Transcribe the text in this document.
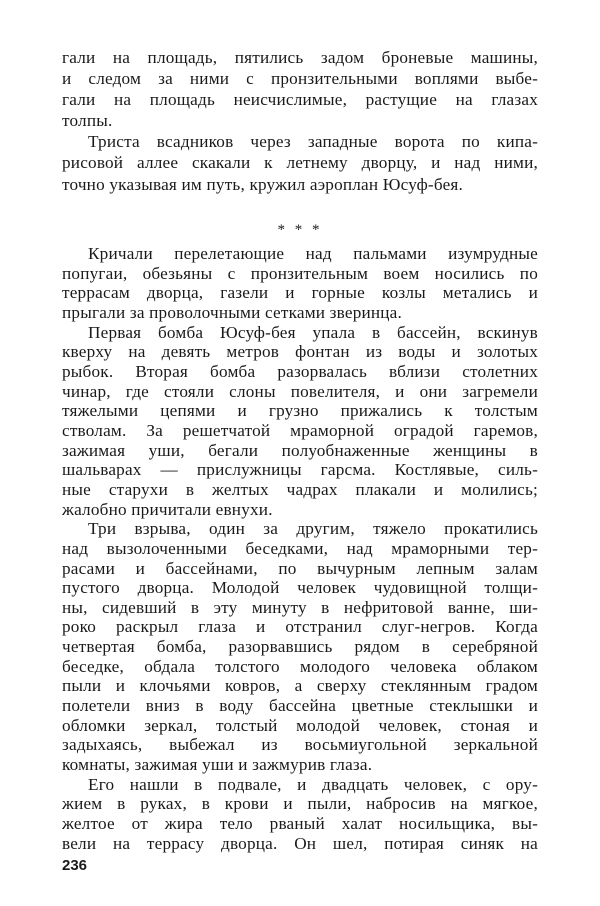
гали на площадь, пятились задом броневые машины,
и следом за ними с пронзительными воплями выбе-
гали на площадь неисчислимые, растущие на глазах
толпы.
Триста всадников через западные ворота по кипа-
рисовой аллее скакали к летнему дворцу, и над ними,
точно указывая им путь, кружил аэроплан Юсуф-бея.
* * *
Кричали перелетающие над пальмами изумрудные
попугаи, обезьяны с пронзительным воем носились по
террасам дворца, газели и горные козлы метались и
прыгали за проволочными сетками зверинца.
Первая бомба Юсуф-бея упала в бассейн, вскинув
кверху на девять метров фонтан из воды и золотых
рыбок. Вторая бомба разорвалась вблизи столетних
чинар, где стояли слоны повелителя, и они загремели
тяжелыми цепями и грузно прижались к толстым
стволам. За решетчатой мраморной оградой гаремов,
зажимая уши, бегали полуобнаженные женщины в
шальварах — прислужницы гарсма. Костлявые, силь-
ные старухи в желтых чадрах плакали и молились;
жалобно причитали евнухи.
Три взрыва, один за другим, тяжело прокатились
над вызолоченными беседками, над мраморными тер-
расами и бассейнами, по вычурным лепным залам
пустого дворца. Молодой человек чудовищной толщи-
ны, сидевший в эту минуту в нефритовой ванне, ши-
роко раскрыл глаза и отстранил слуг-негров. Когда
четвертая бомба, разорвавшись рядом в серебряной
беседке, обдала толстого молодого человека облаком
пыли и клочьями ковров, а сверху стеклянным градом
полетели вниз в воду бассейна цветные стеклышки и
обломки зеркал, толстый молодой человек, стоная и
задыхаясь, выбежал из восьмиугольной зеркальной
комнаты, зажимая уши и зажмурив глаза.
Его нашли в подвале, и двадцать человек, с ору-
жием в руках, в крови и пыли, набросив на мягкое,
желтое от жира тело рваный халат носильщика, вы-
вели на террасу дворца. Он шел, потирая синяк на
236
